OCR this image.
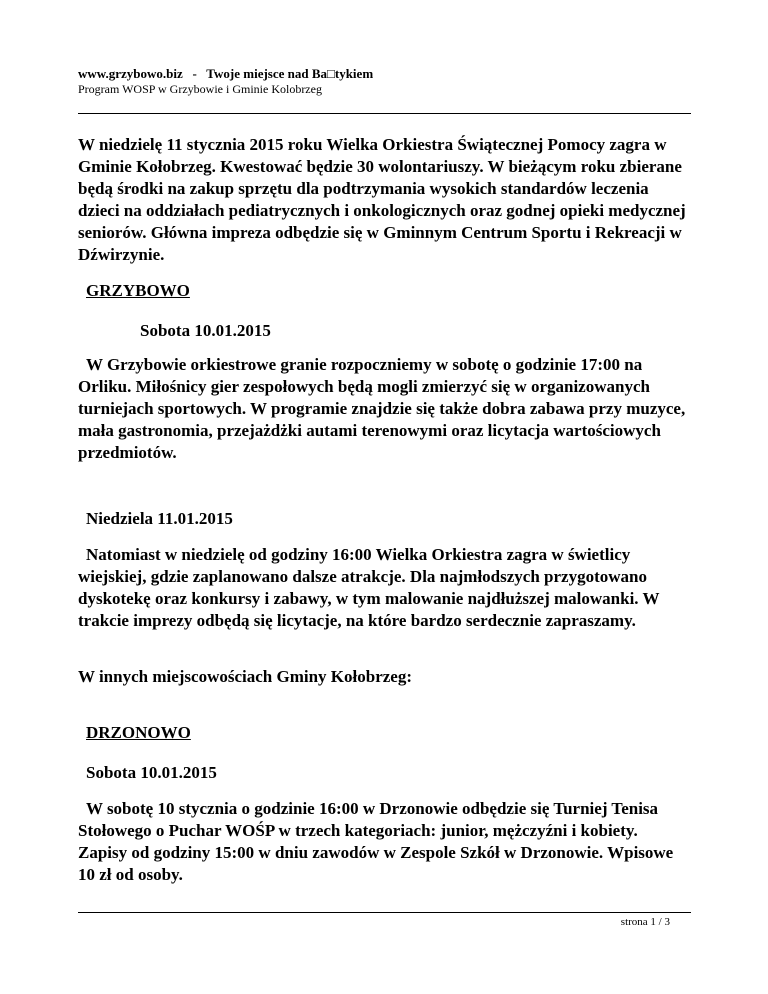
www.grzybowo.biz   -   Twoje miejsce nad Ba□tykiem
Program WOSP w Grzybowie i Gminie Kolobrzeg
W niedzielę 11 stycznia 2015 roku Wielka Orkiestra Świątecznej Pomocy zagra w Gminie Kołobrzeg. Kwestować będzie 30 wolontariuszy. W bieżącym roku zbierane będą środki na zakup sprzętu dla podtrzymania wysokich standardów leczenia dzieci na oddziałach pediatrycznych i onkologicznych oraz godnej opieki medycznej seniorów. Główna impreza odbędzie się w Gminnym Centrum Sportu i Rekreacji w Dźwirzynie.
GRZYBOWO
Sobota 10.01.2015
W Grzybowie orkiestrowe granie rozpoczniemy w sobotę o godzinie 17:00 na Orliku. Miłośnicy gier zespołowych będą mogli zmierzyć się w organizowanych turniejach sportowych. W programie znajdzie się także dobra zabawa przy muzyce, mała gastronomia, przejażdżki autami terenowymi oraz licytacja wartościowych przedmiotów.
Niedziela 11.01.2015
Natomiast w niedzielę od godziny 16:00 Wielka Orkiestra zagra w świetlicy wiejskiej, gdzie zaplanowano dalsze atrakcje. Dla najmłodszych przygotowano dyskotekę oraz konkursy i zabawy, w tym malowanie najdłuższej malowanki. W trakcie imprezy odbędą się licytacje, na które bardzo serdecznie zapraszamy.
W innych miejscowościach Gminy Kołobrzeg:
DRZONOWO
Sobota 10.01.2015
W sobotę 10 stycznia o godzinie 16:00 w Drzonowie odbędzie się Turniej Tenisa Stołowego o Puchar WOŚP w trzech kategoriach: junior, mężczyźni i kobiety. Zapisy od godziny 15:00 w dniu zawodów w Zespole Szkół w Drzonowie. Wpisowe 10 zł od osoby.
strona 1 / 3
